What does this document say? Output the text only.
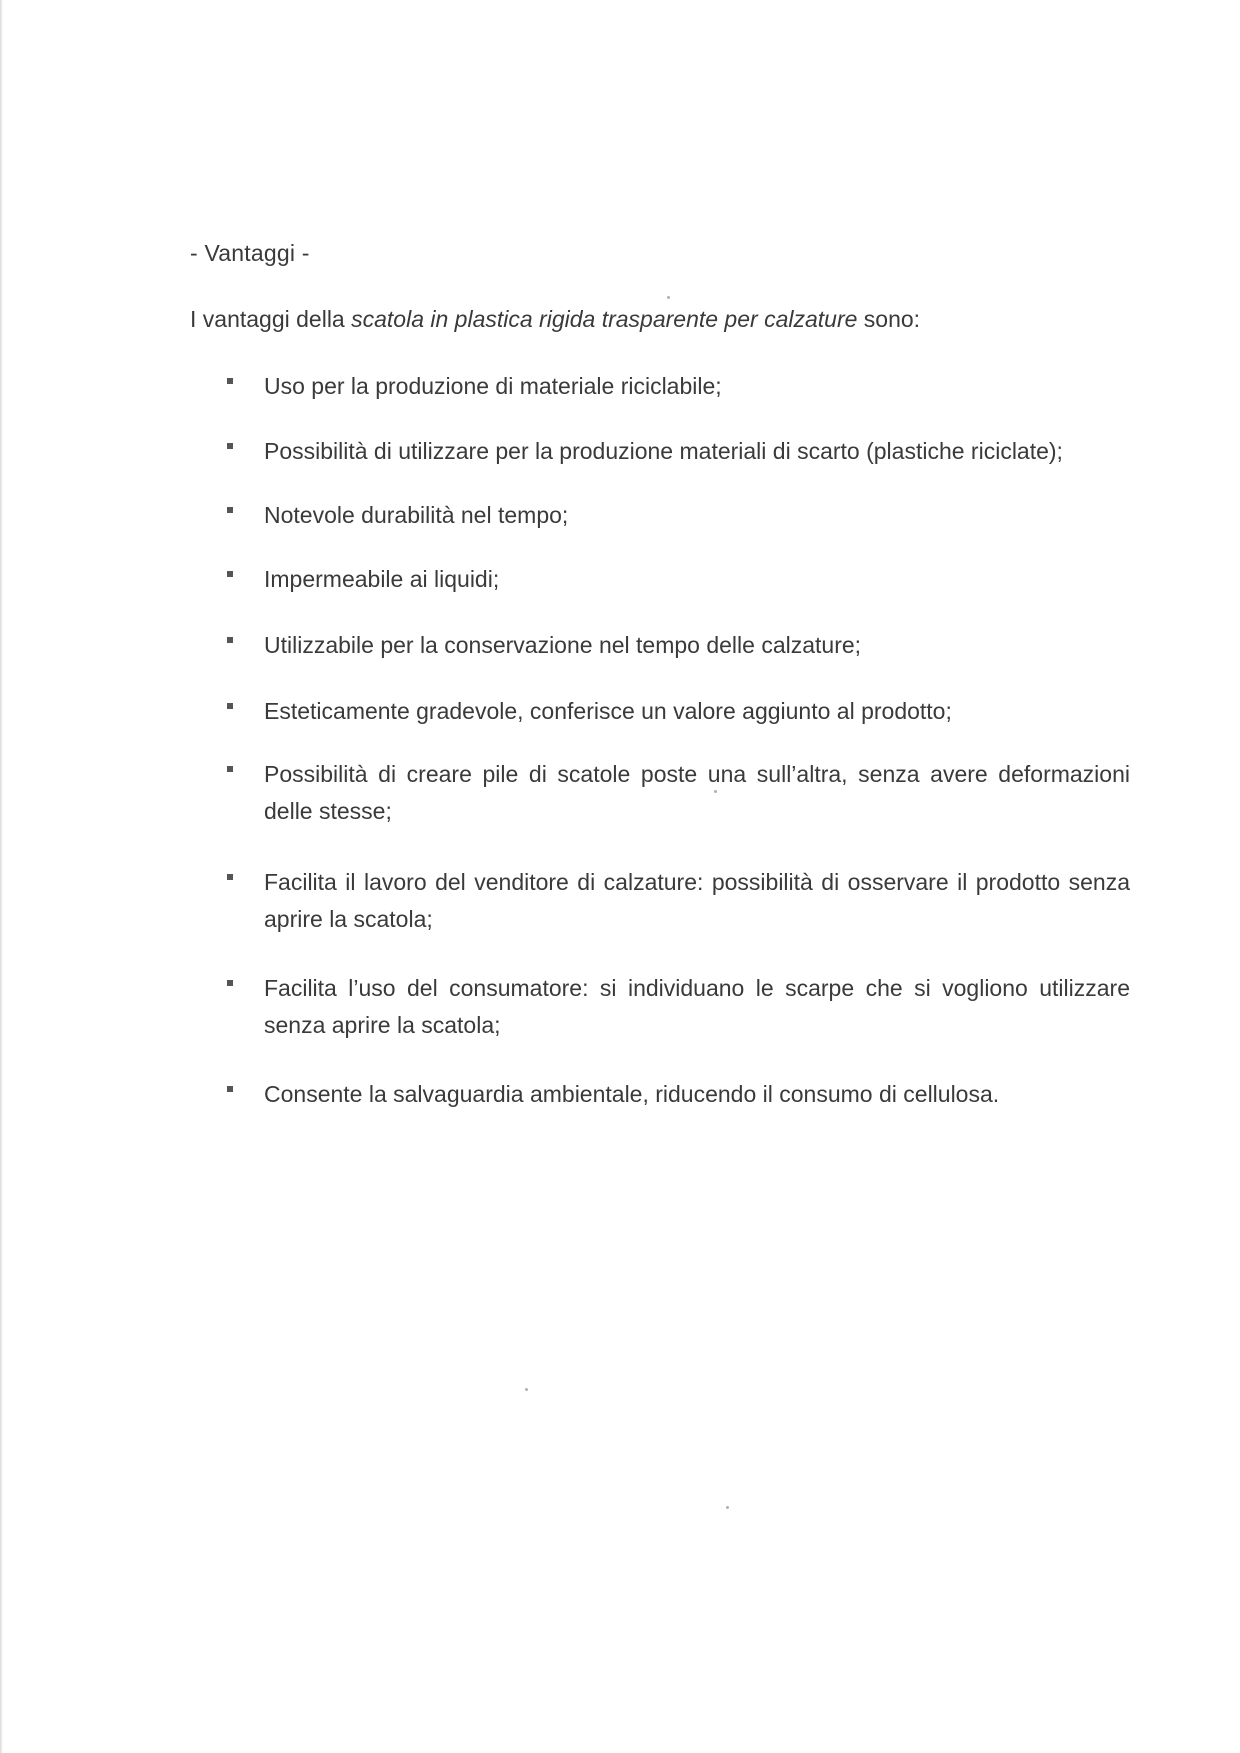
- Vantaggi -
I vantaggi della scatola in plastica rigida trasparente per calzature sono:
Uso per la produzione di materiale riciclabile;
Possibilità di utilizzare per la produzione materiali di scarto (plastiche riciclate);
Notevole durabilità nel tempo;
Impermeabile ai liquidi;
Utilizzabile per la conservazione nel tempo delle calzature;
Esteticamente gradevole, conferisce un valore aggiunto al prodotto;
Possibilità di creare pile di scatole poste una sull’altra, senza avere deformazioni delle stesse;
Facilita il lavoro del venditore di calzature: possibilità di osservare il prodotto senza aprire la scatola;
Facilita l’uso del consumatore: si individuano le scarpe che si vogliono utilizzare senza aprire la scatola;
Consente la salvaguardia ambientale, riducendo il consumo di cellulosa.
